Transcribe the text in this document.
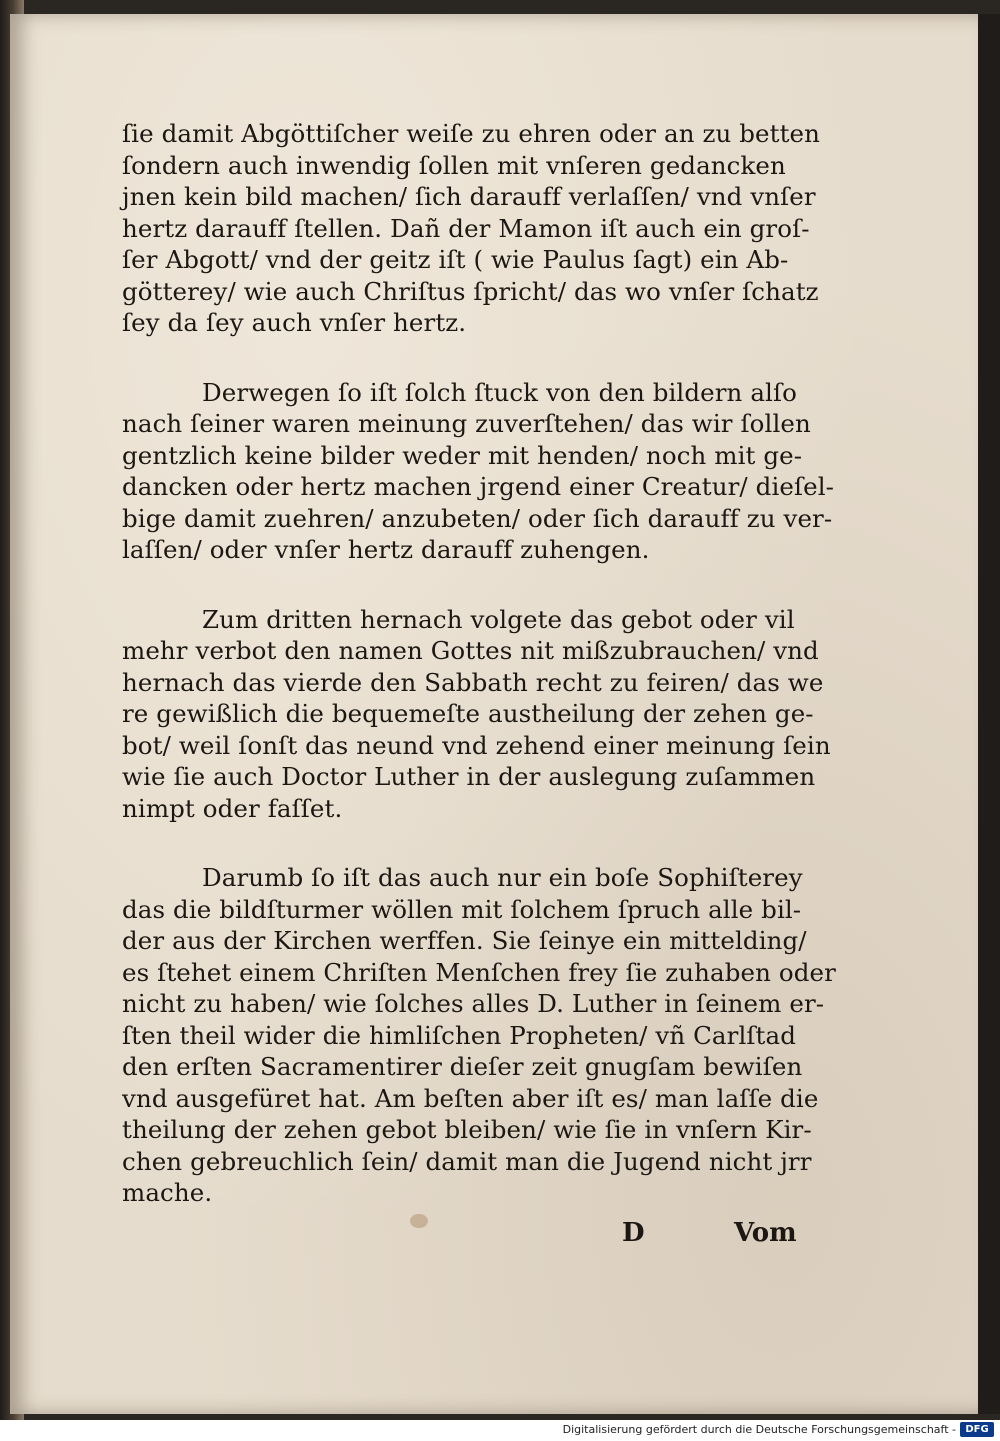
ſie damit Abgöttiſcher weiſe zu ehren oder an zu betten
ſondern auch inwendig ſollen mit vnſeren gedancken
jnen kein bild machen/ ſich darauff verlaſſen/ vnd vnſer
hertz darauff ſtellen. Dañ der Mamon iſt auch ein groſ-
ſer Abgott/ vnd der geitz iſt ( wie Paulus ſagt) ein Ab-
götterey/ wie auch Chriſtus ſpricht/ das wo vnſer ſchatz
ſey da ſey auch vnſer hertz.
Derwegen ſo iſt ſolch ſtuck von den bildern alſo
nach ſeiner waren meinung zuverſtehen/ das wir ſollen
gentzlich keine bilder weder mit henden/ noch mit ge-
dancken oder hertz machen jrgend einer Creatur/ dieſel-
bige damit zuehren/ anzubeten/ oder ſich darauff zu ver-
laſſen/ oder vnſer hertz darauff zuhengen.
Zum dritten hernach volgete das gebot oder vil
mehr verbot den namen Gottes nit mißzubrauchen/ vnd
hernach das vierde den Sabbath recht zu feiren/ das we
re gewißlich die bequemeſte austheilung der zehen ge-
bot/ weil ſonſt das neund vnd zehend einer meinung ſein
wie ſie auch Doctor Luther in der auslegung zuſammen
nimpt oder faſſet.
Darumb ſo iſt das auch nur ein boſe Sophiſterey
das die bildſturmer wöllen mit ſolchem ſpruch alle bil-
der aus der Kirchen werffen. Sie ſeinye ein mittelding/
es ſtehet einem Chriſten Menſchen frey ſie zuhaben oder
nicht zu haben/ wie ſolches alles D. Luther in ſeinem er-
ſten theil wider die himliſchen Propheten/ vñ Carlſtad
den erſten Sacramentirer dieſer zeit gnugſam bewiſen
vnd ausgefüret hat. Am beſten aber iſt es/ man laſſe die
theilung der zehen gebot bleiben/ wie ſie in vnſern Kir-
chen gebreuchlich ſein/ damit man die Jugend nicht jrr
mache.
D	Vom
Digitalisierung gefördert durch die Deutsche Forschungsgemeinschaft - DFG
